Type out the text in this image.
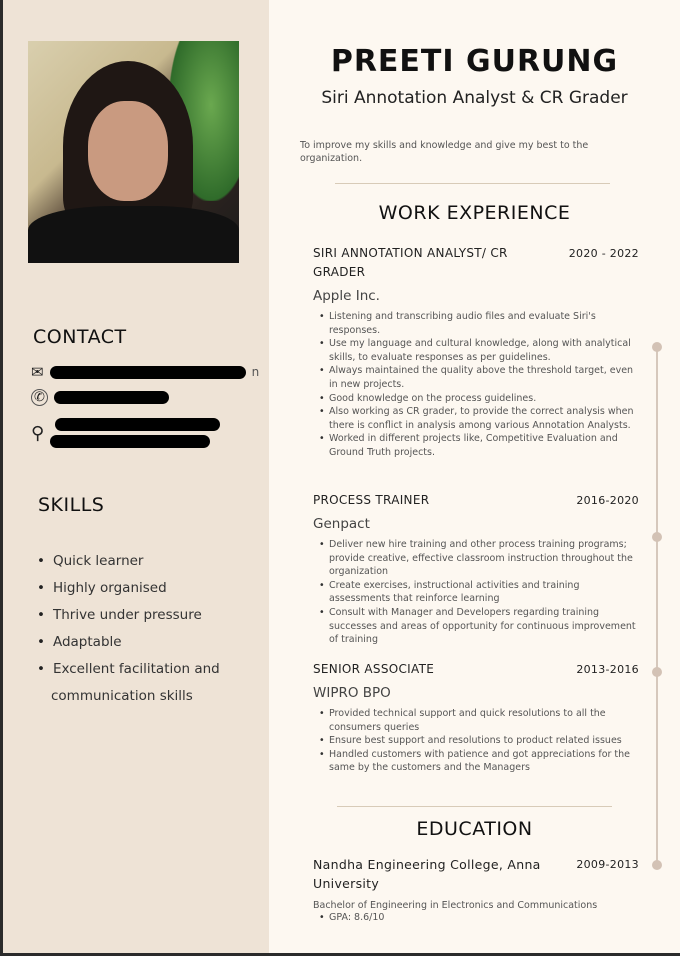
CONTACT
✉	n
✆
⚲
SKILLS
• Quick learner
• Highly organised
• Thrive under pressure
• Adaptable
• Excellent facilitation and
communication skills
PREETI GURUNG
Siri Annotation Analyst & CR Grader
To improve my skills and knowledge and give my best to the organization.
WORK EXPERIENCE
SIRI ANNOTATION ANALYST/ CR GRADER
2020 - 2022
Apple Inc.
• Listening and transcribing audio files and evaluate Siri's responses.
• Use my language and cultural knowledge, along with analytical skills, to evaluate responses as per guidelines.
• Always maintained the quality above the threshold target, even in new projects.
• Good knowledge on the process guidelines.
• Also working as CR grader, to provide the correct analysis when there is conflict in analysis among various Annotation Analysts.
• Worked in different projects like, Competitive Evaluation and Ground Truth projects.
PROCESS TRAINER	2016-2020
Genpact
• Deliver new hire training and other process training programs; provide creative, effective classroom instruction throughout the organization
• Create exercises, instructional activities and training assessments that reinforce learning
• Consult with Manager and Developers regarding training successes and areas of opportunity for continuous improvement of training
SENIOR ASSOCIATE	2013-2016
WIPRO BPO
• Provided technical support and quick resolutions to all the consumers queries
• Ensure best support and resolutions to product related issues
• Handled customers with patience and got appreciations for the same by the customers and the Managers
EDUCATION
Nandha Engineering College, Anna University
2009-2013
Bachelor of Engineering in Electronics and Communications
• GPA: 8.6/10
